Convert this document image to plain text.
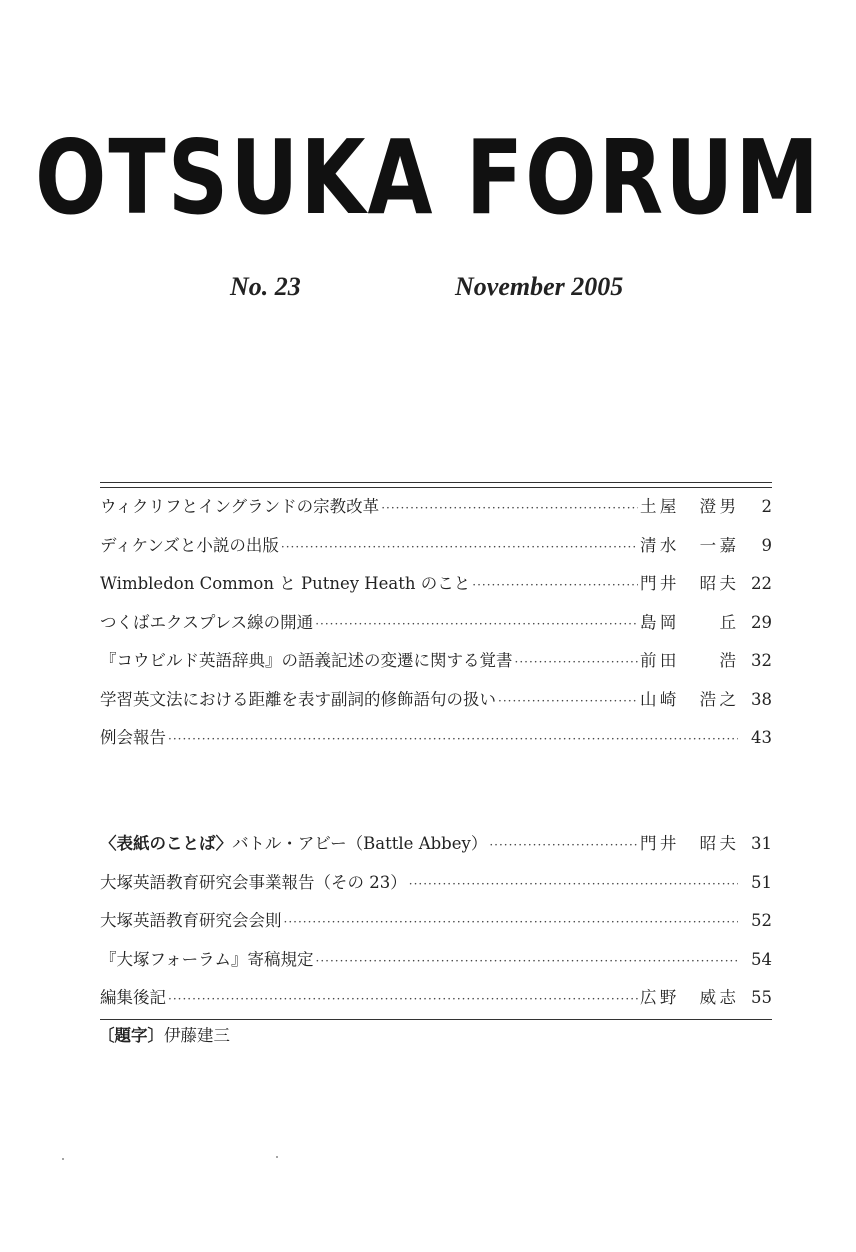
OTSUKA FORUM
No. 23	November 2005
ウィクリフとイングランドの宗教改革 ·····	土屋　澄男	2
ディケンズと小説の出版 ·····	清水　一嘉	9
Wimbledon Common と Putney Heath のこと ·····	門井　昭夫 22
つくばエクスプレス線の開通 ·····	島岡　　丘 29
『コウビルド英語辞典』の語義記述の変遷に関する覚書 ·····	前田　　浩 32
学習英文法における距離を表す副詞的修飾語句の扱い ·····	山崎　浩之 38
例会報告 ·····	43
〈表紙のことば〉バトル・アビー（Battle Abbey） ·····	門井　昭夫 31
大塚英語教育研究会事業報告（その 23） ·····	51
大塚英語教育研究会会則 ·····	52
『大塚フォーラム』寄稿規定 ·····	54
編集後記 ·····	広野　威志 55
〔題字〕伊藤建三
